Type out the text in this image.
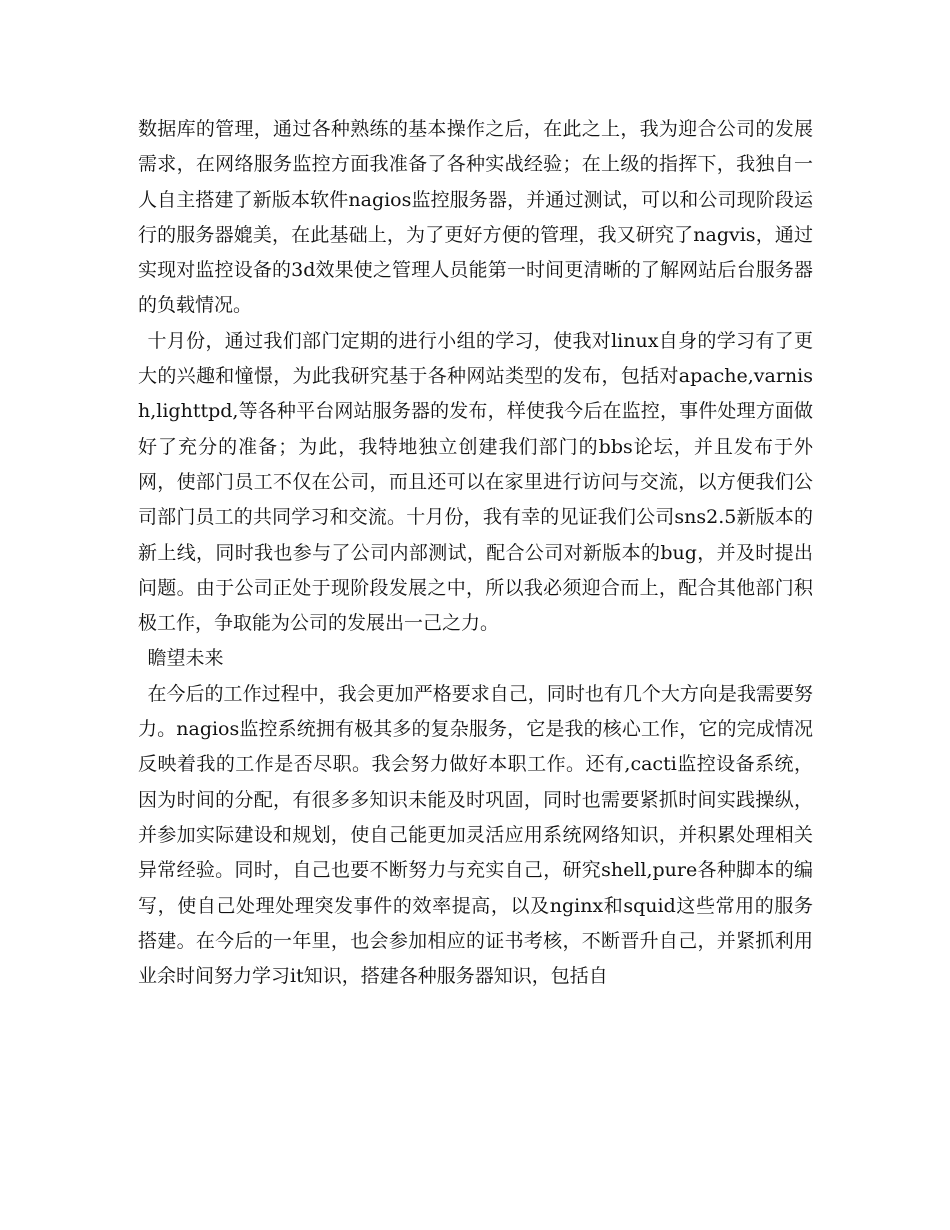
数据库的管理，通过各种熟练的基本操作之后，在此之上，我为迎合公司的发展需求，在网络服务监控方面我准备了各种实战经验；在上级的指挥下，我独自一人自主搭建了新版本软件nagios监控服务器，并通过测试，可以和公司现阶段运行的服务器媲美，在此基础上，为了更好方便的管理，我又研究了nagvis，通过实现对监控设备的3d效果使之管理人员能第一时间更清晰的了解网站后台服务器的负载情况。

十月份，通过我们部门定期的进行小组的学习，使我对linux自身的学习有了更大的兴趣和憧憬，为此我研究基于各种网站类型的发布，包括对apache,varnish,lighttpd,等各种平台网站服务器的发布，样使我今后在监控，事件处理方面做好了充分的准备；为此，我特地独立创建我们部门的bbs论坛，并且发布于外网，使部门员工不仅在公司，而且还可以在家里进行访问与交流，以方便我们公司部门员工的共同学习和交流。十月份，我有幸的见证我们公司sns2.5新版本的新上线，同时我也参与了公司内部测试，配合公司对新版本的bug，并及时提出问题。由于公司正处于现阶段发展之中，所以我必须迎合而上，配合其他部门积极工作，争取能为公司的发展出一己之力。

瞻望未来

在今后的工作过程中，我会更加严格要求自己，同时也有几个大方向是我需要努力。nagios监控系统拥有极其多的复杂服务，它是我的核心工作，它的完成情况反映着我的工作是否尽职。我会努力做好本职工作。还有,cacti监控设备系统，因为时间的分配，有很多多知识未能及时巩固，同时也需要紧抓时间实践操纵，并参加实际建设和规划，使自己能更加灵活应用系统网络知识，并积累处理相关异常经验。同时，自己也要不断努力与充实自己，研究shell,pure各种脚本的编写，使自己处理处理突发事件的效率提高，以及nginx和squid这些常用的服务搭建。在今后的一年里，也会参加相应的证书考核，不断晋升自己，并紧抓利用业余时间努力学习it知识，搭建各种服务器知识，包括自
